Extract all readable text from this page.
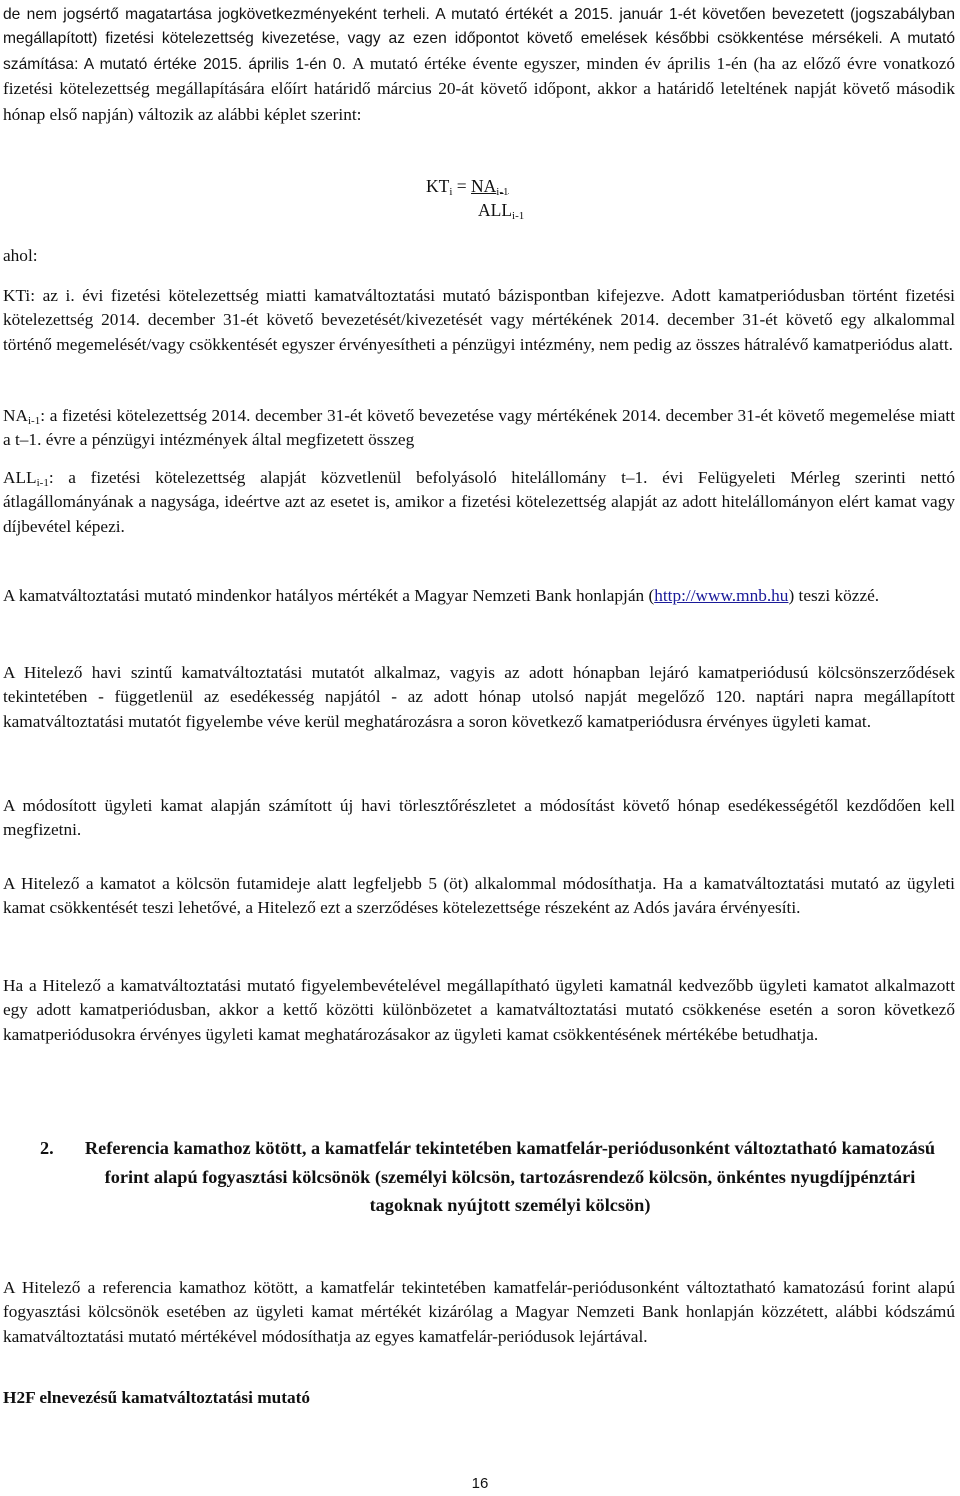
de nem jogsértő magatartása jogkövetkezményeként terheli. A mutató értékét a 2015. január 1-ét követően bevezetett (jogszabályban megállapított) fizetési kötelezettség kivezetése, vagy az ezen időpontot követő emelések későbbi csökkentése mérsékeli. A mutató számítása: A mutató értéke 2015. április 1-én 0. A mutató értéke évente egyszer, minden év április 1-én (ha az előző évre vonatkozó fizetési kötelezettség megállapítására előírt határidő március 20-át követő időpont, akkor a határidő leteltének napját követő második hónap első napján) változik az alábbi képlet szerint:

$KT_i = NA_{i-1}$
$ALL_{i-1}$

ahol:

KTi: az i. évi fizetési kötelezettség miatti kamatváltoztatási mutató bázispontban kifejezve. Adott kamatperiódusban történt fizetési kötelezettség 2014. december 31-ét követő bevezetését/kivezetését vagy mértékének 2014. december 31-ét követő egy alkalommal történő megemelését/vagy csökkentését egyszer érvényesítheti a pénzügyi intézmény, nem pedig az összes hátralévő kamatperiódus alatt.

$NA_{i-1}$: a fizetési kötelezettség 2014. december 31-ét követő bevezetése vagy mértékének 2014. december 31-ét követő megemelése miatt a t–1. évre a pénzügyi intézmények által megfizetett összeg

$ALL_{i-1}$: a fizetési kötelezettség alapját közvetlenül befolyásoló hitelállomány t–1. évi Felügyeleti Mérleg szerinti nettó átlagállományának a nagysága, ideértve azt az esetet is, amikor a fizetési kötelezettség alapját az adott hitelállományon elért kamat vagy díjbevétel képezi.

A kamatváltoztatási mutató mindenkor hatályos mértékét a Magyar Nemzeti Bank honlapján (http://www.mnb.hu) teszi közzé.

A Hitelező havi szintű kamatváltoztatási mutatót alkalmaz, vagyis az adott hónapban lejáró kamatperiódusú kölcsönszerződések tekintetében - függetlenül az esedékesség napjától - az adott hónap utolsó napját megelőző 120. naptári napra megállapított kamatváltoztatási mutatót figyelembe véve kerül meghatározásra a soron következő kamatperiódusra érvényes ügyleti kamat.

A módosított ügyleti kamat alapján számított új havi törlesztőrészletet a módosítást követő hónap esedékességétől kezdődően kell megfizetni.

A Hitelező a kamatot a kölcsön futamideje alatt legfeljebb 5 (öt) alkalommal módosíthatja. Ha a kamatváltoztatási mutató az ügyleti kamat csökkentését teszi lehetővé, a Hitelező ezt a szerződéses kötelezettsége részeként az Adós javára érvényesíti.

Ha a Hitelező a kamatváltoztatási mutató figyelembevételével megállapítható ügyleti kamatnál kedvezőbb ügyleti kamatot alkalmazott egy adott kamatperiódusban, akkor a kettő közötti különbözetet a kamatváltoztatási mutató csökkenése esetén a soron következő kamatperiódusokra érvényes ügyleti kamat meghatározásakor az ügyleti kamat csökkentésének mértékébe betudhatja.

2. Referencia kamathoz kötött, a kamatfelár tekintetében kamatfelár-periódusonként változtatható kamatozású forint alapú fogyasztási kölcsönök (személyi kölcsön, tartozásrendező kölcsön, önkéntes nyugdíjpénztári tagoknak nyújtott személyi kölcsön)

A Hitelező a referencia kamathoz kötött, a kamatfelár tekintetében kamatfelár-periódusonként változtatható kamatozású forint alapú fogyasztási kölcsönök esetében az ügyleti kamat mértékét kizárólag a Magyar Nemzeti Bank honlapján közzétett, alábbi kódszámú kamatváltoztatási mutató mértékével módosíthatja az egyes kamatfelár-periódusok lejártával.

H2F elnevezésű kamatváltoztatási mutató

16
